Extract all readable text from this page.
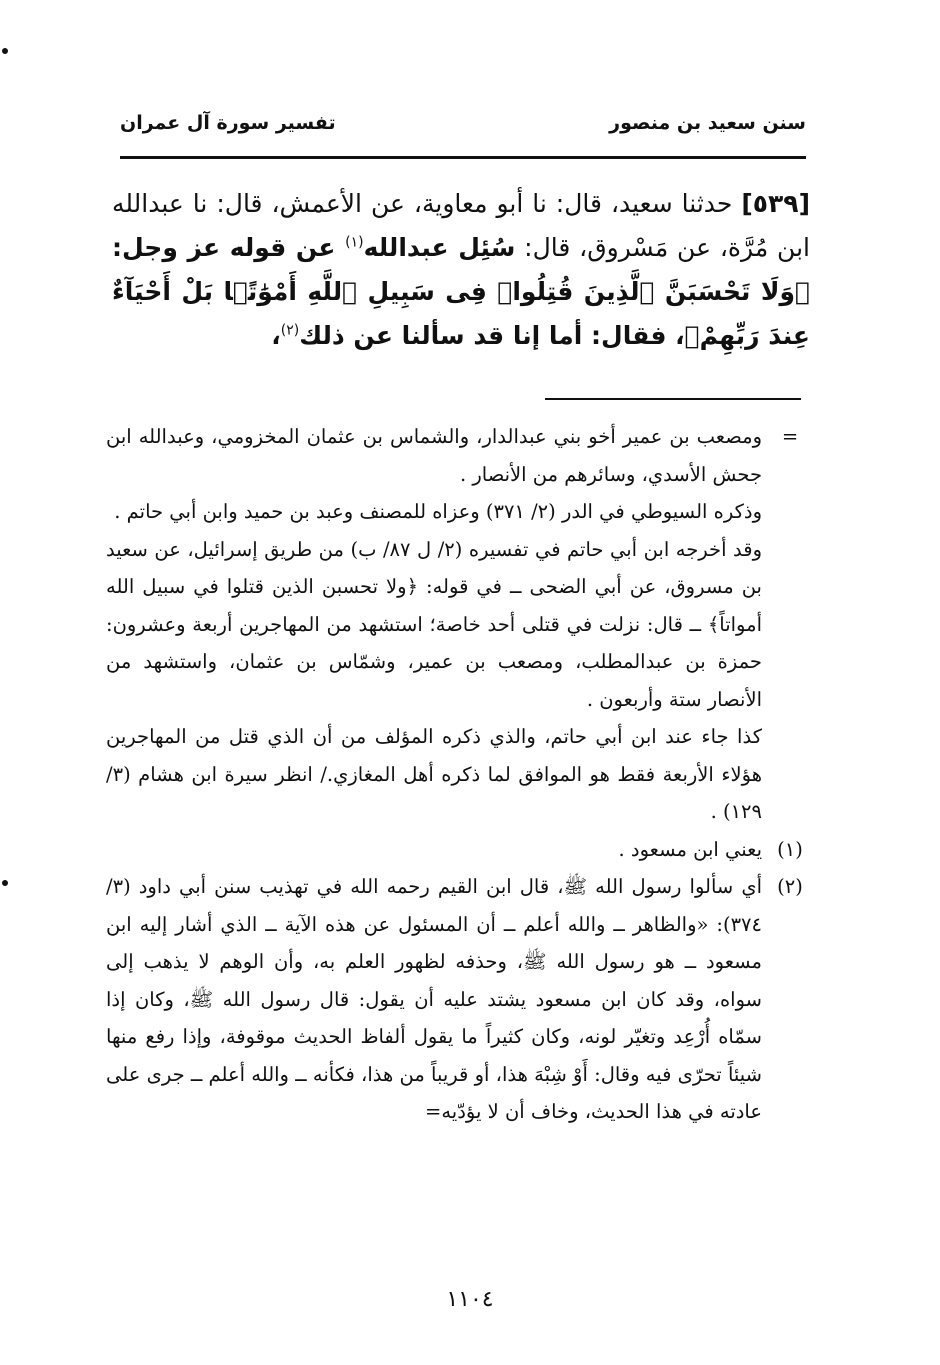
سنن سعيد بن منصور
تفسير سورة آل عمران
[٥٣٩] حدثنا سعيد، قال: نا أبو معاوية، عن الأعمش، قال: نا عبدالله ابن مُرَّة، عن مَسْروق، قال: سُئِل عبدالله$^{(١)}$ عن قوله عز وجل: ﴿وَلَا تَحْسَبَنَّ ٱلَّذِينَ قُتِلُوا۟ فِى سَبِيلِ ٱللَّهِ أَمْوَٰتًۢا بَلْ أَحْيَآءٌ عِندَ رَبِّهِمْ﴾، فقال: أما إنا قد سألنا عن ذلك$^{(٢)}$،

=
ومصعب بن عمير أخو بني عبدالدار، والشماس بن عثمان المخزومي، وعبدالله ابن جحش الأسدي، وسائرهم من الأنصار .

وذكره السيوطي في الدر (٢/ ٣٧١) وعزاه للمصنف وعبد بن حميد وابن أبي حاتم .

وقد أخرجه ابن أبي حاتم في تفسيره (٢/ ل ٨٧/ ب) من طريق إسرائيل، عن سعيد بن مسروق، عن أبي الضحى ــ في قوله: ﴿ولا تحسبن الذين قتلوا في سبيل الله أمواتاً﴾ ــ قال: نزلت في قتلى أحد خاصة؛ استشهد من المهاجرين أربعة وعشرون: حمزة بن عبدالمطلب، ومصعب بن عمير، وشمّاس بن عثمان، واستشهد من الأنصار ستة وأربعون .

كذا جاء عند ابن أبي حاتم، والذي ذكره المؤلف من أن الذي قتل من المهاجرين هؤلاء الأربعة فقط هو الموافق لما ذكره أهل المغازي./ انظر سيرة ابن هشام (٣/ ١٢٩) .

(١)
يعني ابن مسعود .

(٢)
أي سألوا رسول الله ﷺ، قال ابن القيم رحمه الله في تهذيب سنن أبي داود (٣/ ٣٧٤): «والظاهر ــ والله أعلم ــ أن المسئول عن هذه الآية ــ الذي أشار إليه ابن مسعود ــ هو رسول الله ﷺ، وحذفه لظهور العلم به، وأن الوهم لا يذهب إلى سواه، وقد كان ابن مسعود يشتد عليه أن يقول: قال رسول الله ﷺ، وكان إذا سمّاه أُرْعِد وتغيّر لونه، وكان كثيراً ما يقول ألفاظ الحديث موقوفة، وإذا رفع منها شيئاً تحرّى فيه وقال: أَوْ شِبْهَ هذا، أو قريباً من هذا، فكأنه ــ والله أعلم ــ جرى على عادته في هذا الحديث، وخاف أن لا يؤدّيه=

١١٠٤
